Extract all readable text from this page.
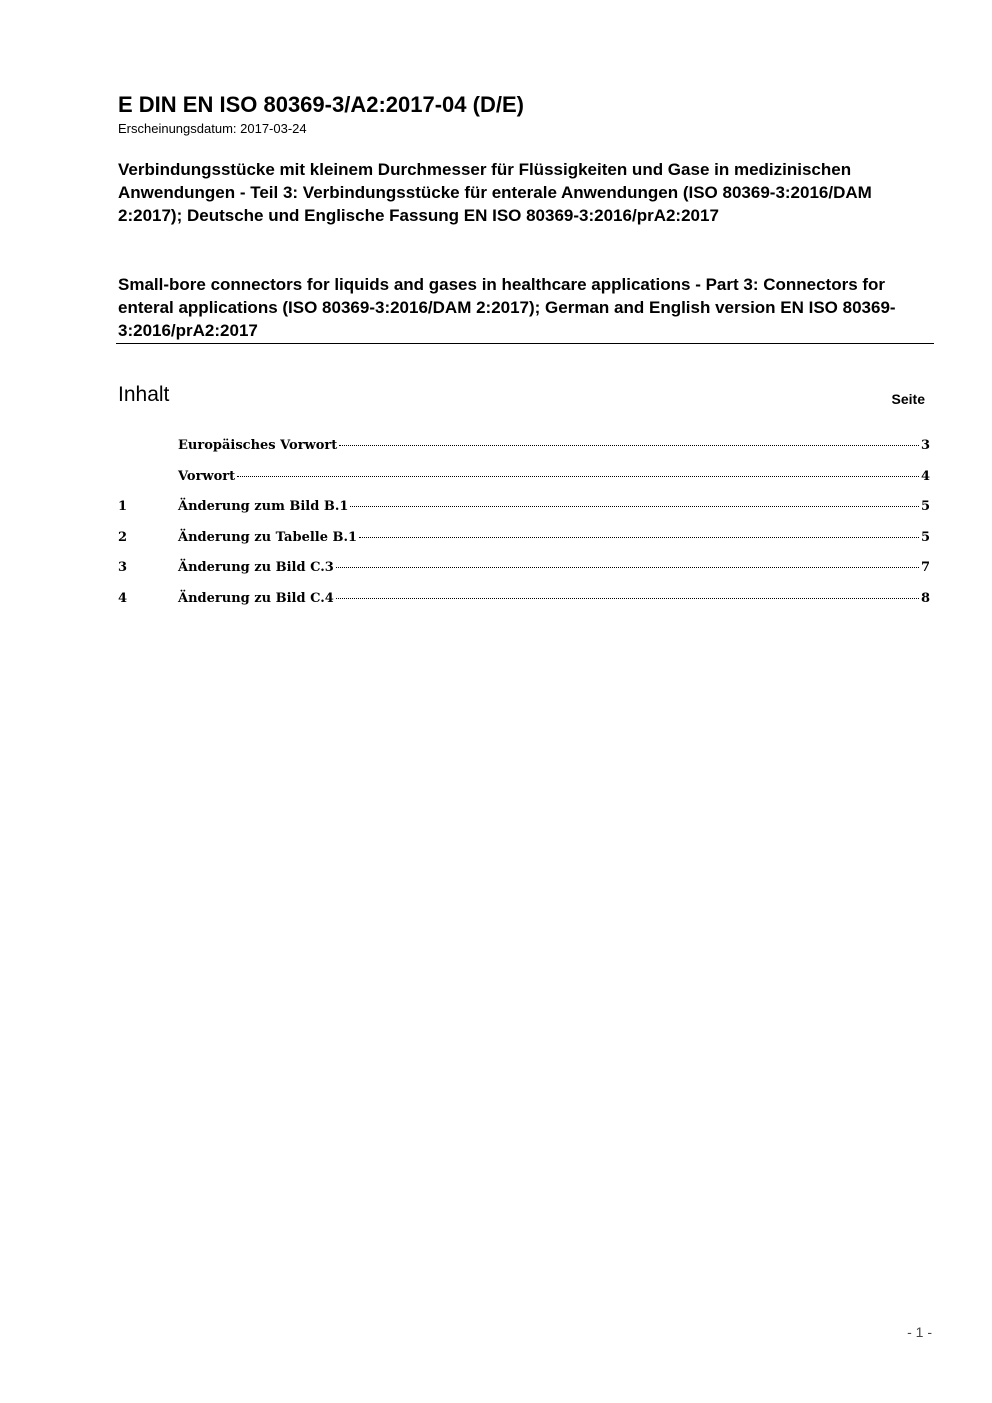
E DIN EN ISO 80369-3/A2:2017-04 (D/E)
Erscheinungsdatum: 2017-03-24
Verbindungsstücke mit kleinem Durchmesser für Flüssigkeiten und Gase in medizinischen Anwendungen - Teil 3: Verbindungsstücke für enterale Anwendungen (ISO 80369-3:2016/DAM 2:2017); Deutsche und Englische Fassung EN ISO 80369-3:2016/prA2:2017
Small-bore connectors for liquids and gases in healthcare applications - Part 3: Connectors for enteral applications (ISO 80369-3:2016/DAM 2:2017); German and English version EN ISO 80369-3:2016/prA2:2017
Inhalt	Seite
Europäisches Vorwort	3
Vorwort	4
1	Änderung zum Bild B.1	5
2	Änderung zu Tabelle B.1	5
3	Änderung zu Bild C.3	7
4	Änderung zu Bild C.4	8
- 1 -
